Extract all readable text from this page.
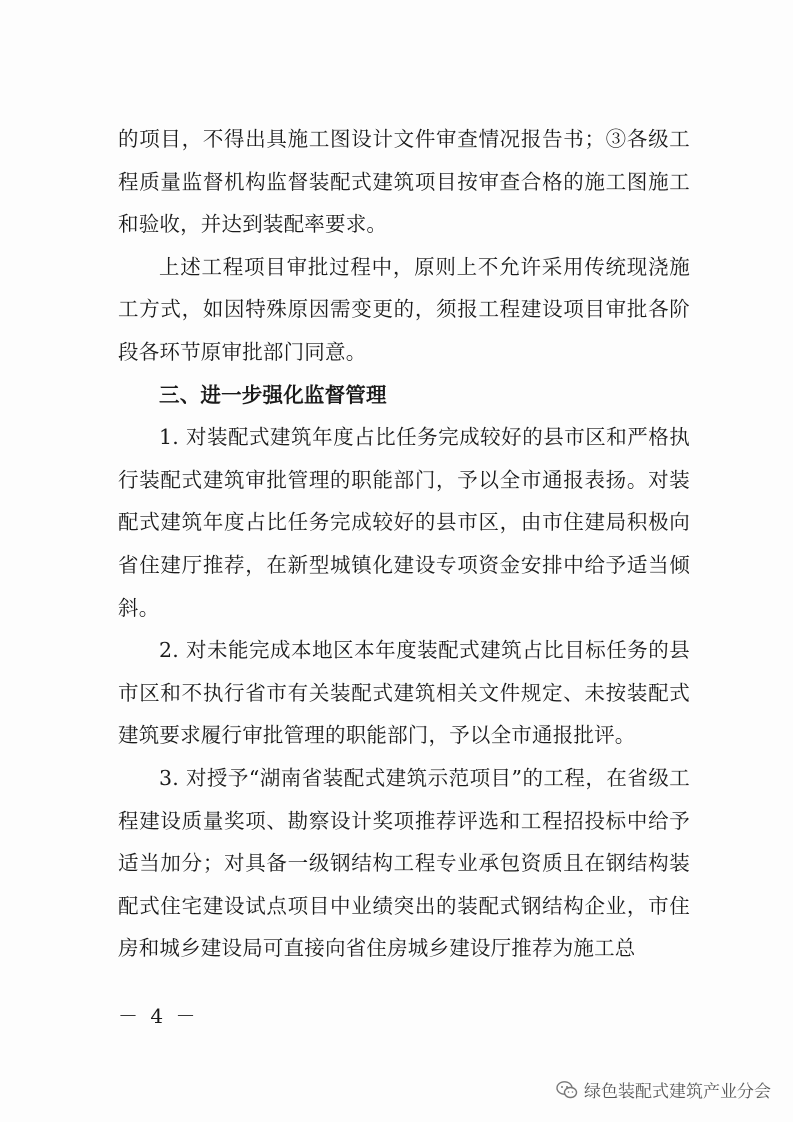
的项目，不得出具施工图设计文件审查情况报告书；③各级工程质量监督机构监督装配式建筑项目按审查合格的施工图施工和验收，并达到装配率要求。

上述工程项目审批过程中，原则上不允许采用传统现浇施工方式，如因特殊原因需变更的，须报工程建设项目审批各阶段各环节原审批部门同意。

三、进一步强化监督管理

1. 对装配式建筑年度占比任务完成较好的县市区和严格执行装配式建筑审批管理的职能部门，予以全市通报表扬。对装配式建筑年度占比任务完成较好的县市区，由市住建局积极向省住建厅推荐，在新型城镇化建设专项资金安排中给予适当倾斜。

2. 对未能完成本地区本年度装配式建筑占比目标任务的县市区和不执行省市有关装配式建筑相关文件规定、未按装配式建筑要求履行审批管理的职能部门，予以全市通报批评。

3. 对授予“湖南省装配式建筑示范项目”的工程，在省级工程建设质量奖项、勘察设计奖项推荐评选和工程招投标中给予适当加分；对具备一级钢结构工程专业承包资质且在钢结构装配式住宅建设试点项目中业绩突出的装配式钢结构企业，市住房和城乡建设局可直接向省住房城乡建设厅推荐为施工总

－ 4 －
绿色装配式建筑产业分会
